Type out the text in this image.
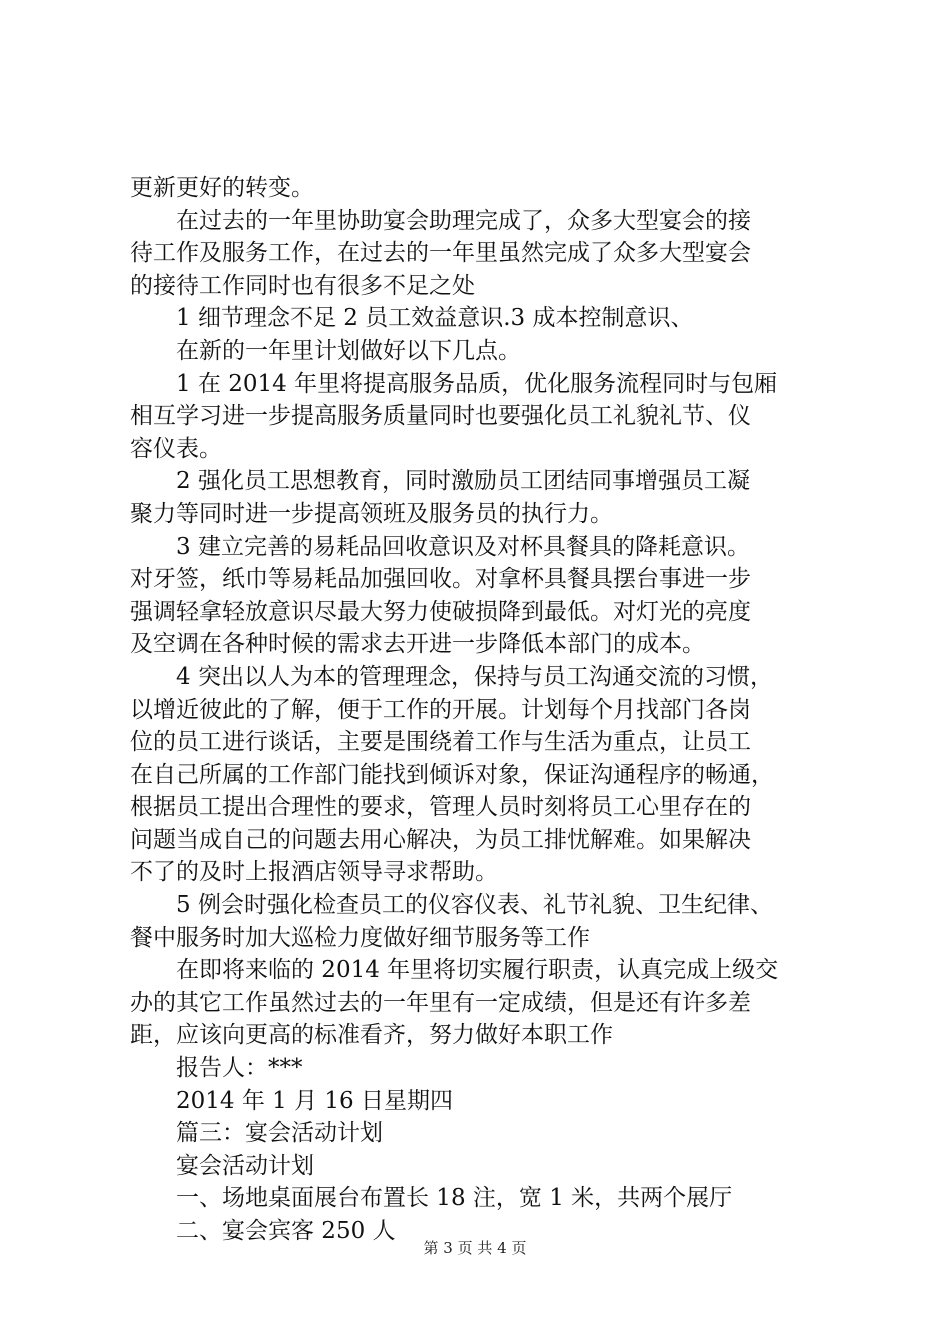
更新更好的转变。
在过去的一年里协助宴会助理完成了，众多大型宴会的接
待工作及服务工作，在过去的一年里虽然完成了众多大型宴会
的接待工作同时也有很多不足之处
1 细节理念不足 2 员工效益意识.3 成本控制意识、
在新的一年里计划做好以下几点。
1 在 2014 年里将提高服务品质，优化服务流程同时与包厢
相互学习进一步提高服务质量同时也要强化员工礼貌礼节、仪
容仪表。
2 强化员工思想教育，同时激励员工团结同事增强员工凝
聚力等同时进一步提高领班及服务员的执行力。
3 建立完善的易耗品回收意识及对杯具餐具的降耗意识。
对牙签，纸巾等易耗品加强回收。对拿杯具餐具摆台事进一步
强调轻拿轻放意识尽最大努力使破损降到最低。对灯光的亮度
及空调在各种时候的需求去开进一步降低本部门的成本。
4 突出以人为本的管理理念，保持与员工沟通交流的习惯，
以增近彼此的了解，便于工作的开展。计划每个月找部门各岗
位的员工进行谈话，主要是围绕着工作与生活为重点，让员工
在自己所属的工作部门能找到倾诉对象，保证沟通程序的畅通，
根据员工提出合理性的要求，管理人员时刻将员工心里存在的
问题当成自己的问题去用心解决，为员工排忧解难。如果解决
不了的及时上报酒店领导寻求帮助。
5 例会时强化检查员工的仪容仪表、礼节礼貌、卫生纪律、
餐中服务时加大巡检力度做好细节服务等工作
在即将来临的 2014 年里将切实履行职责，认真完成上级交
办的其它工作虽然过去的一年里有一定成绩，但是还有许多差
距，应该向更高的标准看齐，努力做好本职工作
报告人：***
2014 年 1 月 16 日星期四
篇三：宴会活动计划
宴会活动计划
一、场地桌面展台布置长 18 注，宽 1 米，共两个展厅
二、宴会宾客 250 人
第 3 页 共 4 页
